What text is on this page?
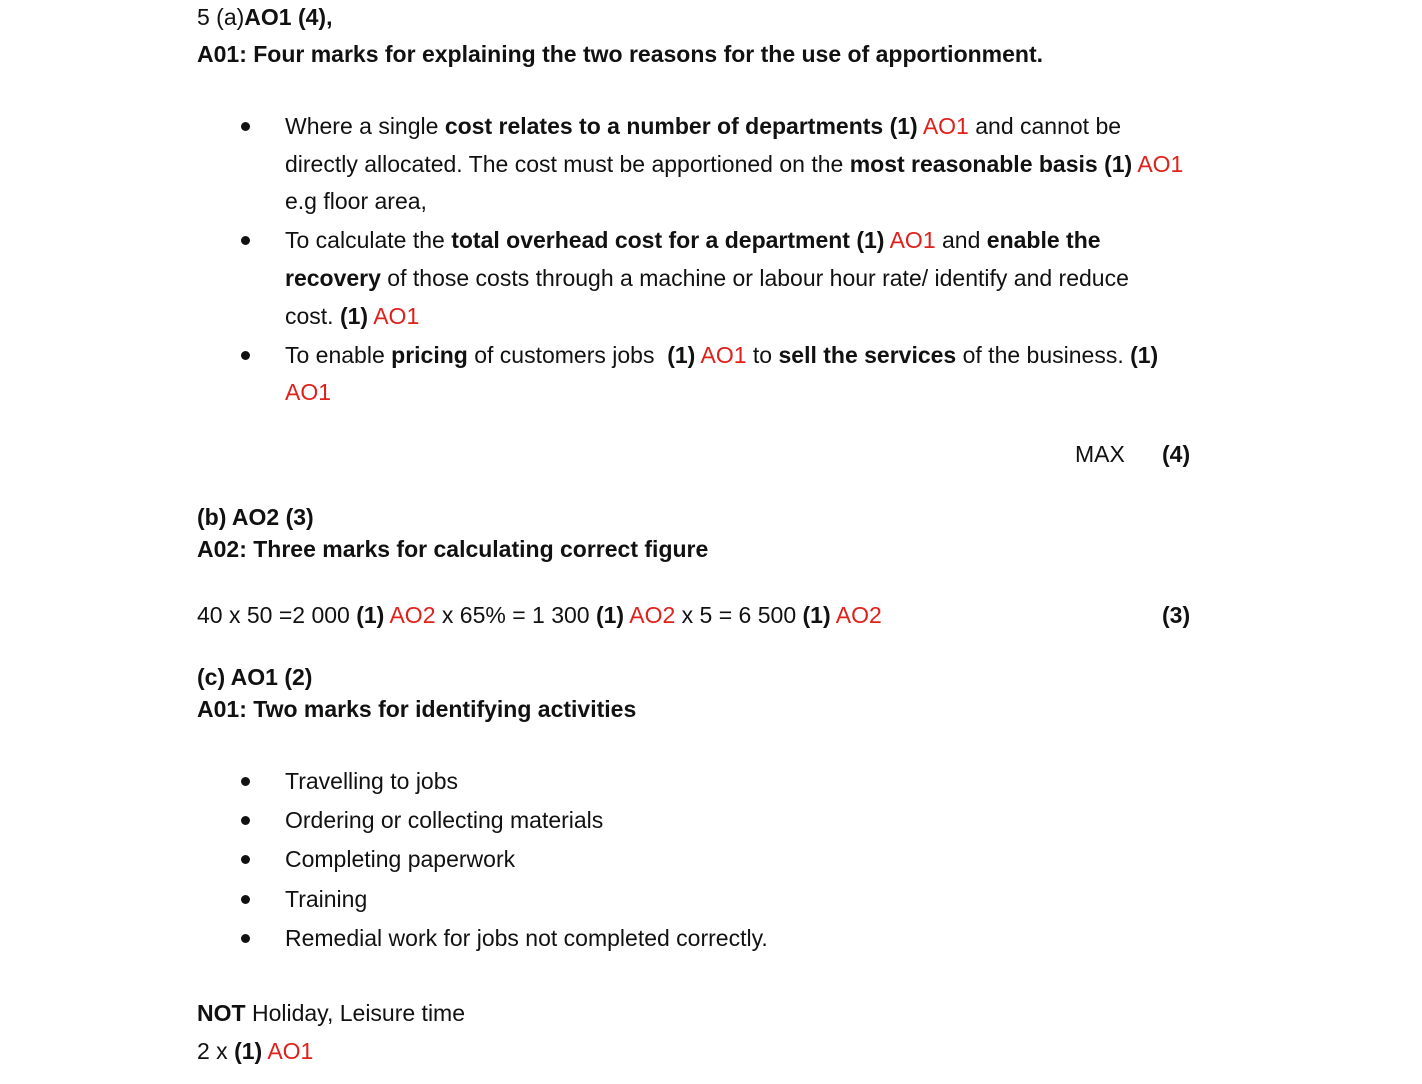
5 (a)AO1 (4),
A01: Four marks for explaining the two reasons for the use of apportionment.
Where a single cost relates to a number of departments (1) AO1 and cannot be
directly allocated. The cost must be apportioned on the most reasonable basis (1) AO1
e.g floor area,
To calculate the total overhead cost for a department (1) AO1 and enable the
recovery of those costs through a machine or labour hour rate/ identify and reduce
cost. (1) AO1
To enable pricing of customers jobs  (1) AO1 to sell the services of the business. (1)
AO1
MAX (4)
(b) AO2 (3)
A02: Three marks for calculating correct figure
40 x 50 =2 000 (1) AO2 x 65% = 1 300 (1) AO2 x 5 = 6 500 (1) AO2	(3)
(c) AO1 (2)
A01: Two marks for identifying activities
Travelling to jobs
Ordering or collecting materials
Completing paperwork
Training
Remedial work for jobs not completed correctly.
NOT Holiday, Leisure time
2 x (1) AO1
